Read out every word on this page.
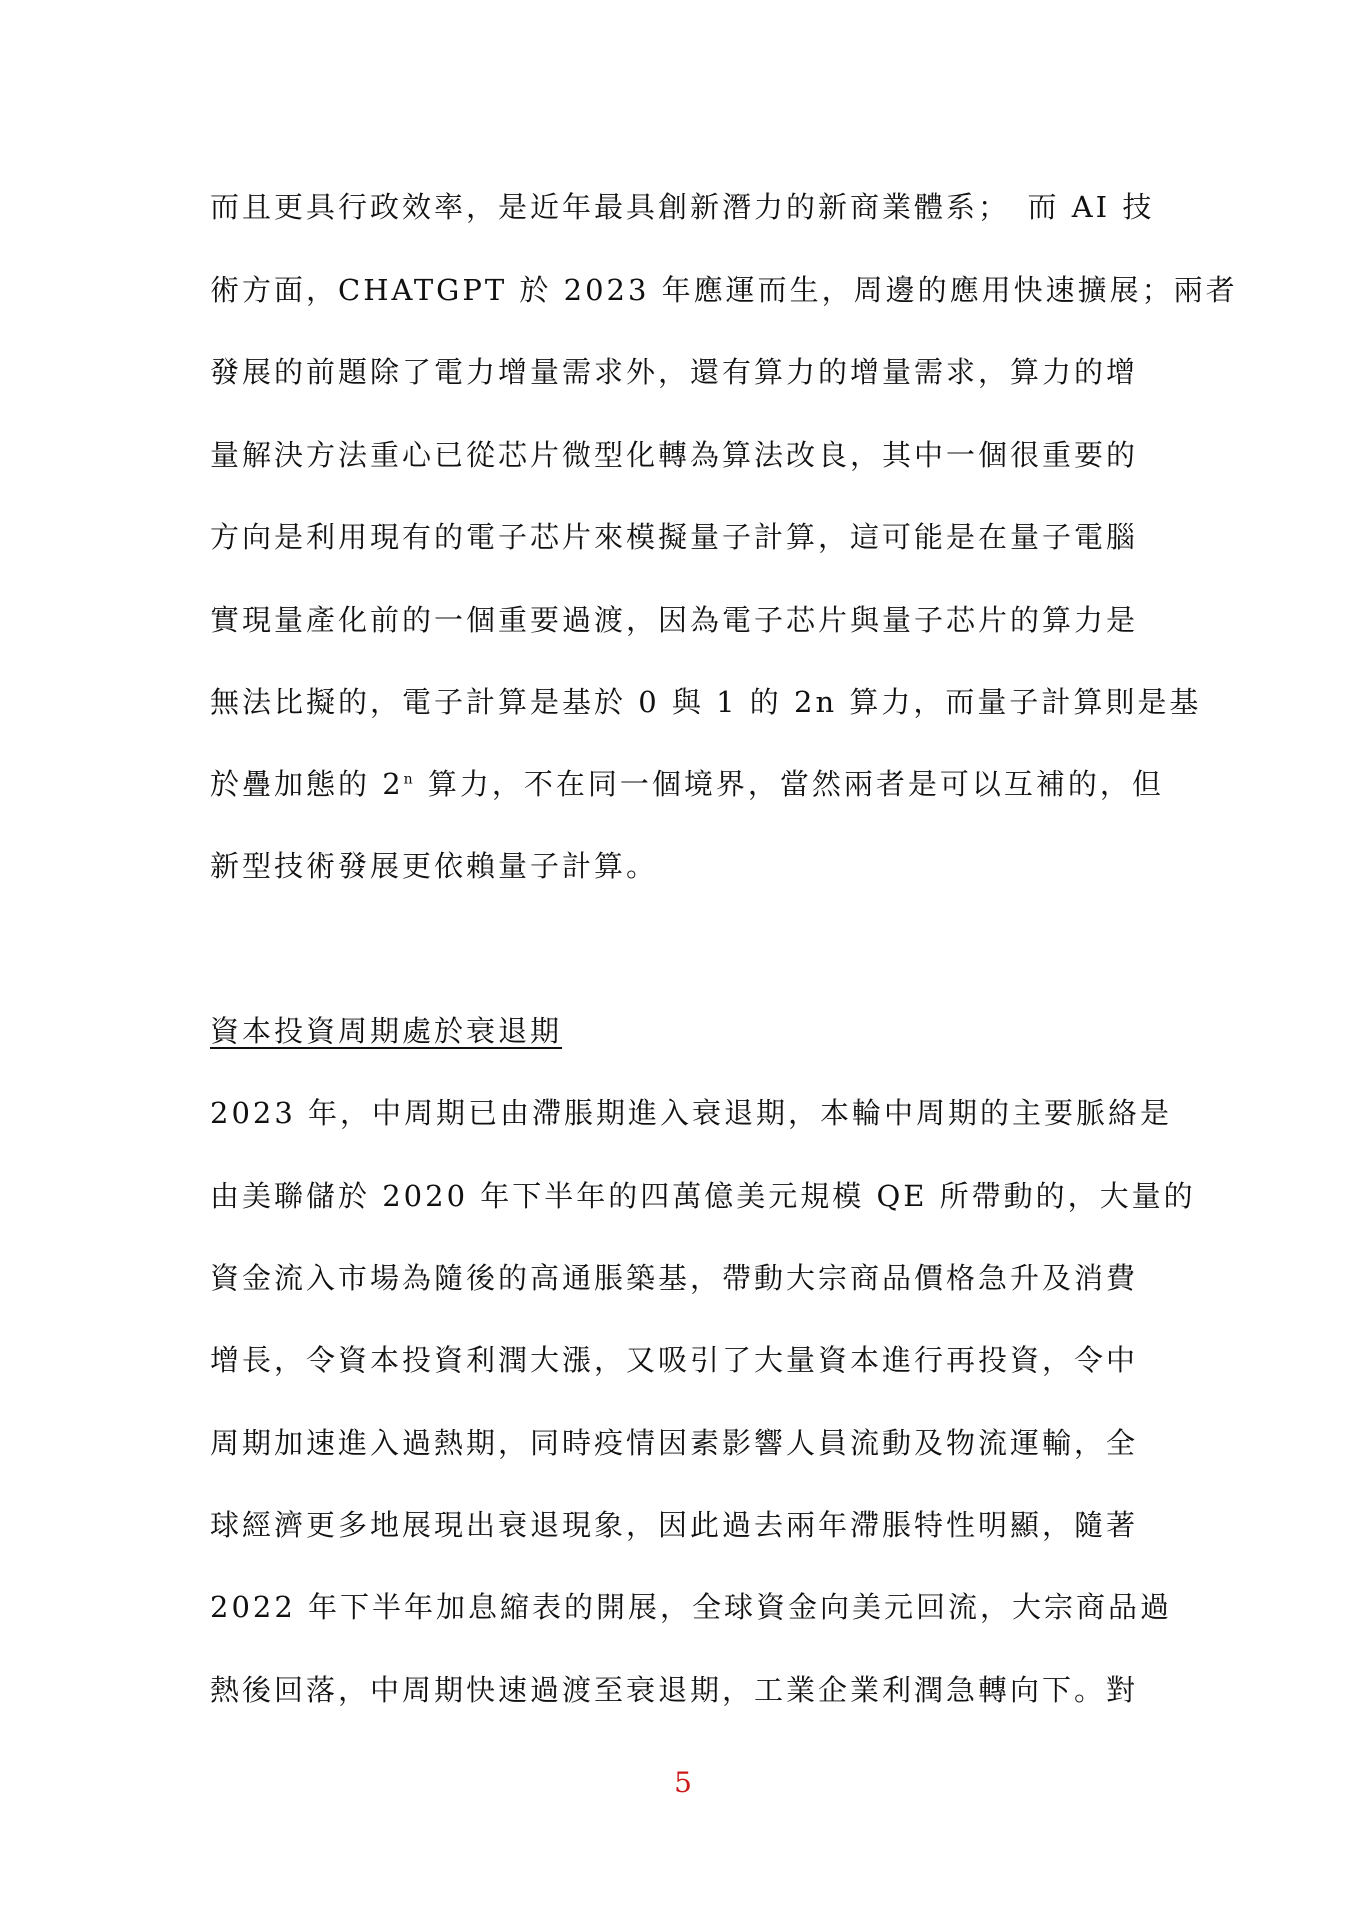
而且更具行政效率，是近年最具創新潛力的新商業體系；　而 AI 技
術方面，CHATGPT 於 2023 年應運而生，周邊的應用快速擴展；兩者
發展的前題除了電力增量需求外，還有算力的增量需求，算力的增
量解決方法重心已從芯片微型化轉為算法改良，其中一個很重要的
方向是利用現有的電子芯片來模擬量子計算，這可能是在量子電腦
實現量產化前的一個重要過渡，因為電子芯片與量子芯片的算力是
無法比擬的，電子計算是基於 0 與 1 的 2n 算力，而量子計算則是基
於疊加態的 2$^n$ 算力，不在同一個境界，當然兩者是可以互補的，但
新型技術發展更依賴量子計算。
資本投資周期處於衰退期
2023 年，中周期已由滯脹期進入衰退期，本輪中周期的主要脈絡是
由美聯儲於 2020 年下半年的四萬億美元規模 QE 所帶動的，大量的
資金流入市場為隨後的高通脹築基，帶動大宗商品價格急升及消費
增長，令資本投資利潤大漲，又吸引了大量資本進行再投資，令中
周期加速進入過熱期，同時疫情因素影響人員流動及物流運輸，全
球經濟更多地展現出衰退現象，因此過去兩年滯脹特性明顯，隨著
2022 年下半年加息縮表的開展，全球資金向美元回流，大宗商品過
熱後回落，中周期快速過渡至衰退期，工業企業利潤急轉向下。對
5
